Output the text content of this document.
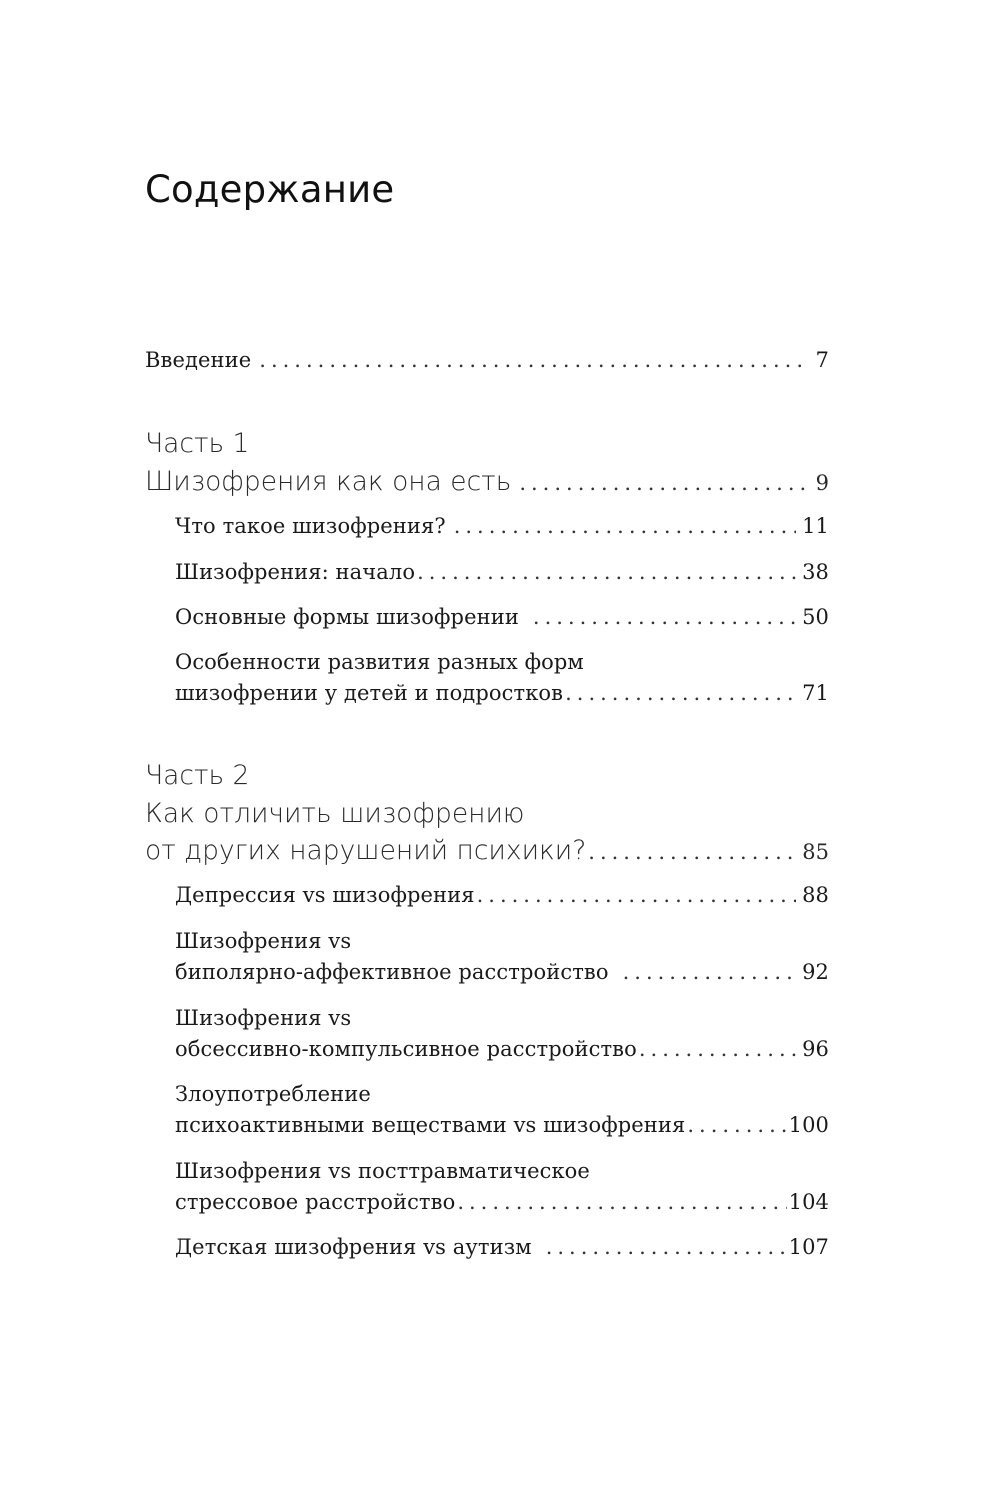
Содержание
Введение .....	7
Часть 1
Шизофрения как она есть .....	9
Что такое шизофрения? .....	11
Шизофрения: начало .....	38
Основные формы шизофрении .....	50
Особенности развития разных форм
шизофрении у детей и подростков .....	71
Часть 2
Как отличить шизофрению
от других нарушений психики? .....	85
Депрессия vs шизофрения .....	88
Шизофрения vs
биполярно-аффективное расстройство .....	92
Шизофрения vs
обсессивно-компульсивное расстройство .....	96
Злоупотребление
психоактивными веществами vs шизофрения .....	100
Шизофрения vs посттравматическое
стрессовое расстройство .....	104
Детская шизофрения vs аутизм .....	107
